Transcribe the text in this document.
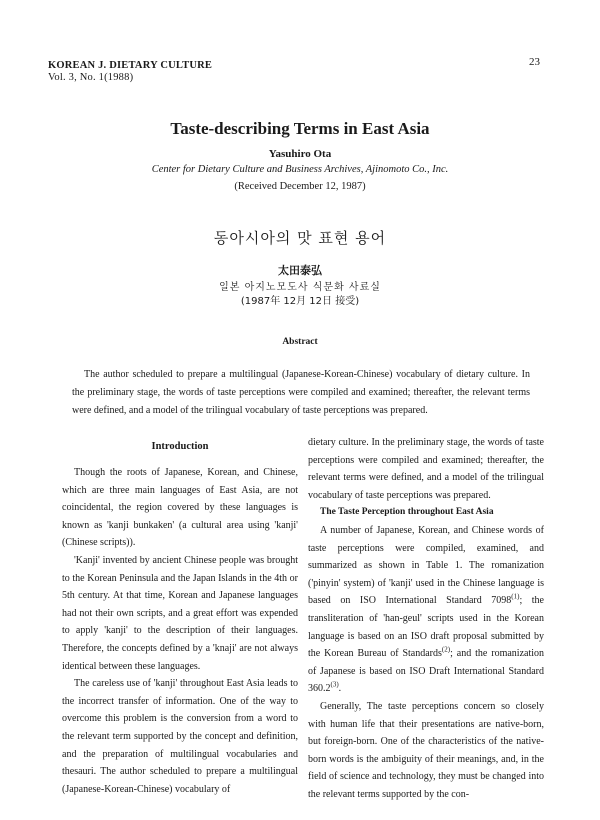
KOREAN J. DIETARY CULTURE
Vol. 3, No. 1(1988)
23
Taste-describing Terms in East Asia
Yasuhiro Ota
Center for Dietary Culture and Business Archives, Ajinomoto Co., Inc.
(Received December 12, 1987)
동아시아의 맛 표현 용어
太田泰弘
일본 아지노모도사 식문화 사료실
(1987年 12月 12日 接受)
Abstract

The author scheduled to prepare a multilingual (Japanese-Korean-Chinese) vocabulary of dietary culture. In the preliminary stage, the words of taste perceptions were compiled and examined; thereafter, the relevant terms were defined, and a model of the trilingual vocabulary of taste perceptions was prepared.

Introduction

Though the roots of Japanese, Korean, and Chinese, which are three main languages of East Asia, are not coincidental, the region covered by these languages is known as 'kanji bunkaken' (a cultural area using 'kanji' (Chinese scripts)).

'Kanji' invented by ancient Chinese people was brought to the Korean Peninsula and the Japan Islands in the 4th or 5th century. At that time, Korean and Japanese languages had not their own scripts, and a great effort was expended to apply 'kanji' to the description of their languages. Therefore, the concepts defined by a 'knaji' are not always identical between these languages.

The careless use of 'kanji' throughout East Asia leads to the incorrect transfer of information. One of the way to overcome this problem is the conversion from a word to the relevant term supported by the concept and definition, and the preparation of multilingual vocabularies and thesauri. The author scheduled to prepare a multilingual (Japanese-Korean-Chinese) vocabulary of

dietary culture. In the preliminary stage, the words of taste perceptions were compiled and examined; thereafter, the relevant terms were defined, and a model of the trilingual vocabulary of taste perceptions was prepared.

The Taste Perception throughout East Asia

A number of Japanese, Korean, and Chinese words of taste perceptions were compiled, examined, and summarized as shown in Table 1. The romanization ('pinyin' system) of 'kanji' used in the Chinese language is based on ISO International Standard 7098$^{(1)}$; the transliteration of 'han-geul' scripts used in the Korean language is based on an ISO draft proposal submitted by the Korean Bureau of Standards$^{(2)}$; and the romanization of Japanese is based on ISO Draft International Standard 360.2$^{(3)}$.

Generally, The taste perceptions concern so closely with human life that their presentations are native-born, but foreign-born. One of the characteristics of the native-born words is the ambiguity of their meanings, and, in the field of science and technology, they must be changed into the relevant terms supported by the con-
